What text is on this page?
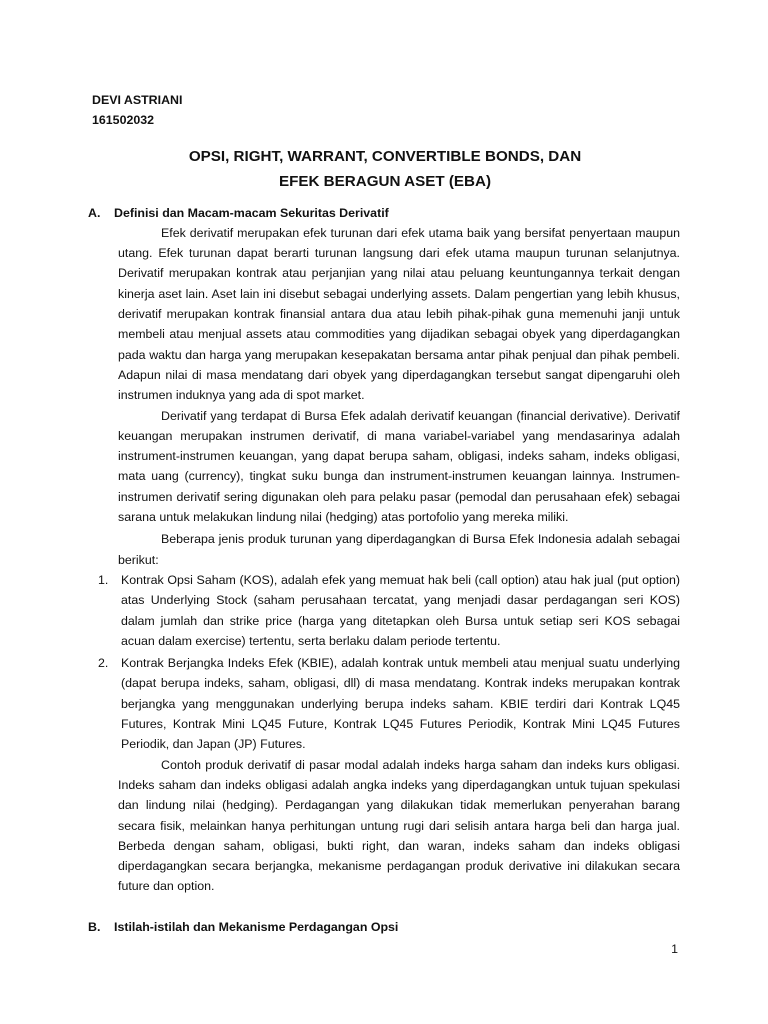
DEVI ASTRIANI
161502032
OPSI, RIGHT, WARRANT, CONVERTIBLE BONDS, DAN
EFEK BERAGUN ASET (EBA)
A. Definisi dan Macam-macam Sekuritas Derivatif

Efek derivatif merupakan efek turunan dari efek utama baik yang bersifat penyertaan maupun utang. Efek turunan dapat berarti turunan langsung dari efek utama maupun turunan selanjutnya. Derivatif merupakan kontrak atau perjanjian yang nilai atau peluang keuntungannya terkait dengan kinerja aset lain. Aset lain ini disebut sebagai underlying assets. Dalam pengertian yang lebih khusus, derivatif merupakan kontrak finansial antara dua atau lebih pihak-pihak guna memenuhi janji untuk membeli atau menjual assets atau commodities yang dijadikan sebagai obyek yang diperdagangkan pada waktu dan harga yang merupakan kesepakatan bersama antar pihak penjual dan pihak pembeli. Adapun nilai di masa mendatang dari obyek yang diperdagangkan tersebut sangat dipengaruhi oleh instrumen induknya yang ada di spot market.

Derivatif yang terdapat di Bursa Efek adalah derivatif keuangan (financial derivative). Derivatif keuangan merupakan instrumen derivatif, di mana variabel-variabel yang mendasarinya adalah instrument-instrumen keuangan, yang dapat berupa saham, obligasi, indeks saham, indeks obligasi, mata uang (currency), tingkat suku bunga dan instrument-instrumen keuangan lainnya. Instrumen-instrumen derivatif sering digunakan oleh para pelaku pasar (pemodal dan perusahaan efek) sebagai sarana untuk melakukan lindung nilai (hedging) atas portofolio yang mereka miliki.

Beberapa jenis produk turunan yang diperdagangkan di Bursa Efek Indonesia adalah sebagai berikut:

1. Kontrak Opsi Saham (KOS), adalah efek yang memuat hak beli (call option) atau hak jual (put option) atas Underlying Stock (saham perusahaan tercatat, yang menjadi dasar perdagangan seri KOS) dalam jumlah dan strike price (harga yang ditetapkan oleh Bursa untuk setiap seri KOS sebagai acuan dalam exercise) tertentu, serta berlaku dalam periode tertentu.
2. Kontrak Berjangka Indeks Efek (KBIE), adalah kontrak untuk membeli atau menjual suatu underlying (dapat berupa indeks, saham, obligasi, dll) di masa mendatang. Kontrak indeks merupakan kontrak berjangka yang menggunakan underlying berupa indeks saham. KBIE terdiri dari Kontrak LQ45 Futures, Kontrak Mini LQ45 Future, Kontrak LQ45 Futures Periodik, Kontrak Mini LQ45 Futures Periodik, dan Japan (JP) Futures.

Contoh produk derivatif di pasar modal adalah indeks harga saham dan indeks kurs obligasi. Indeks saham dan indeks obligasi adalah angka indeks yang diperdagangkan untuk tujuan spekulasi dan lindung nilai (hedging). Perdagangan yang dilakukan tidak memerlukan penyerahan barang secara fisik, melainkan hanya perhitungan untung rugi dari selisih antara harga beli dan harga jual. Berbeda dengan saham, obligasi, bukti right, dan waran, indeks saham dan indeks obligasi diperdagangkan secara berjangka, mekanisme perdagangan produk derivative ini dilakukan secara future dan option.

B. Istilah-istilah dan Mekanisme Perdagangan Opsi
1
